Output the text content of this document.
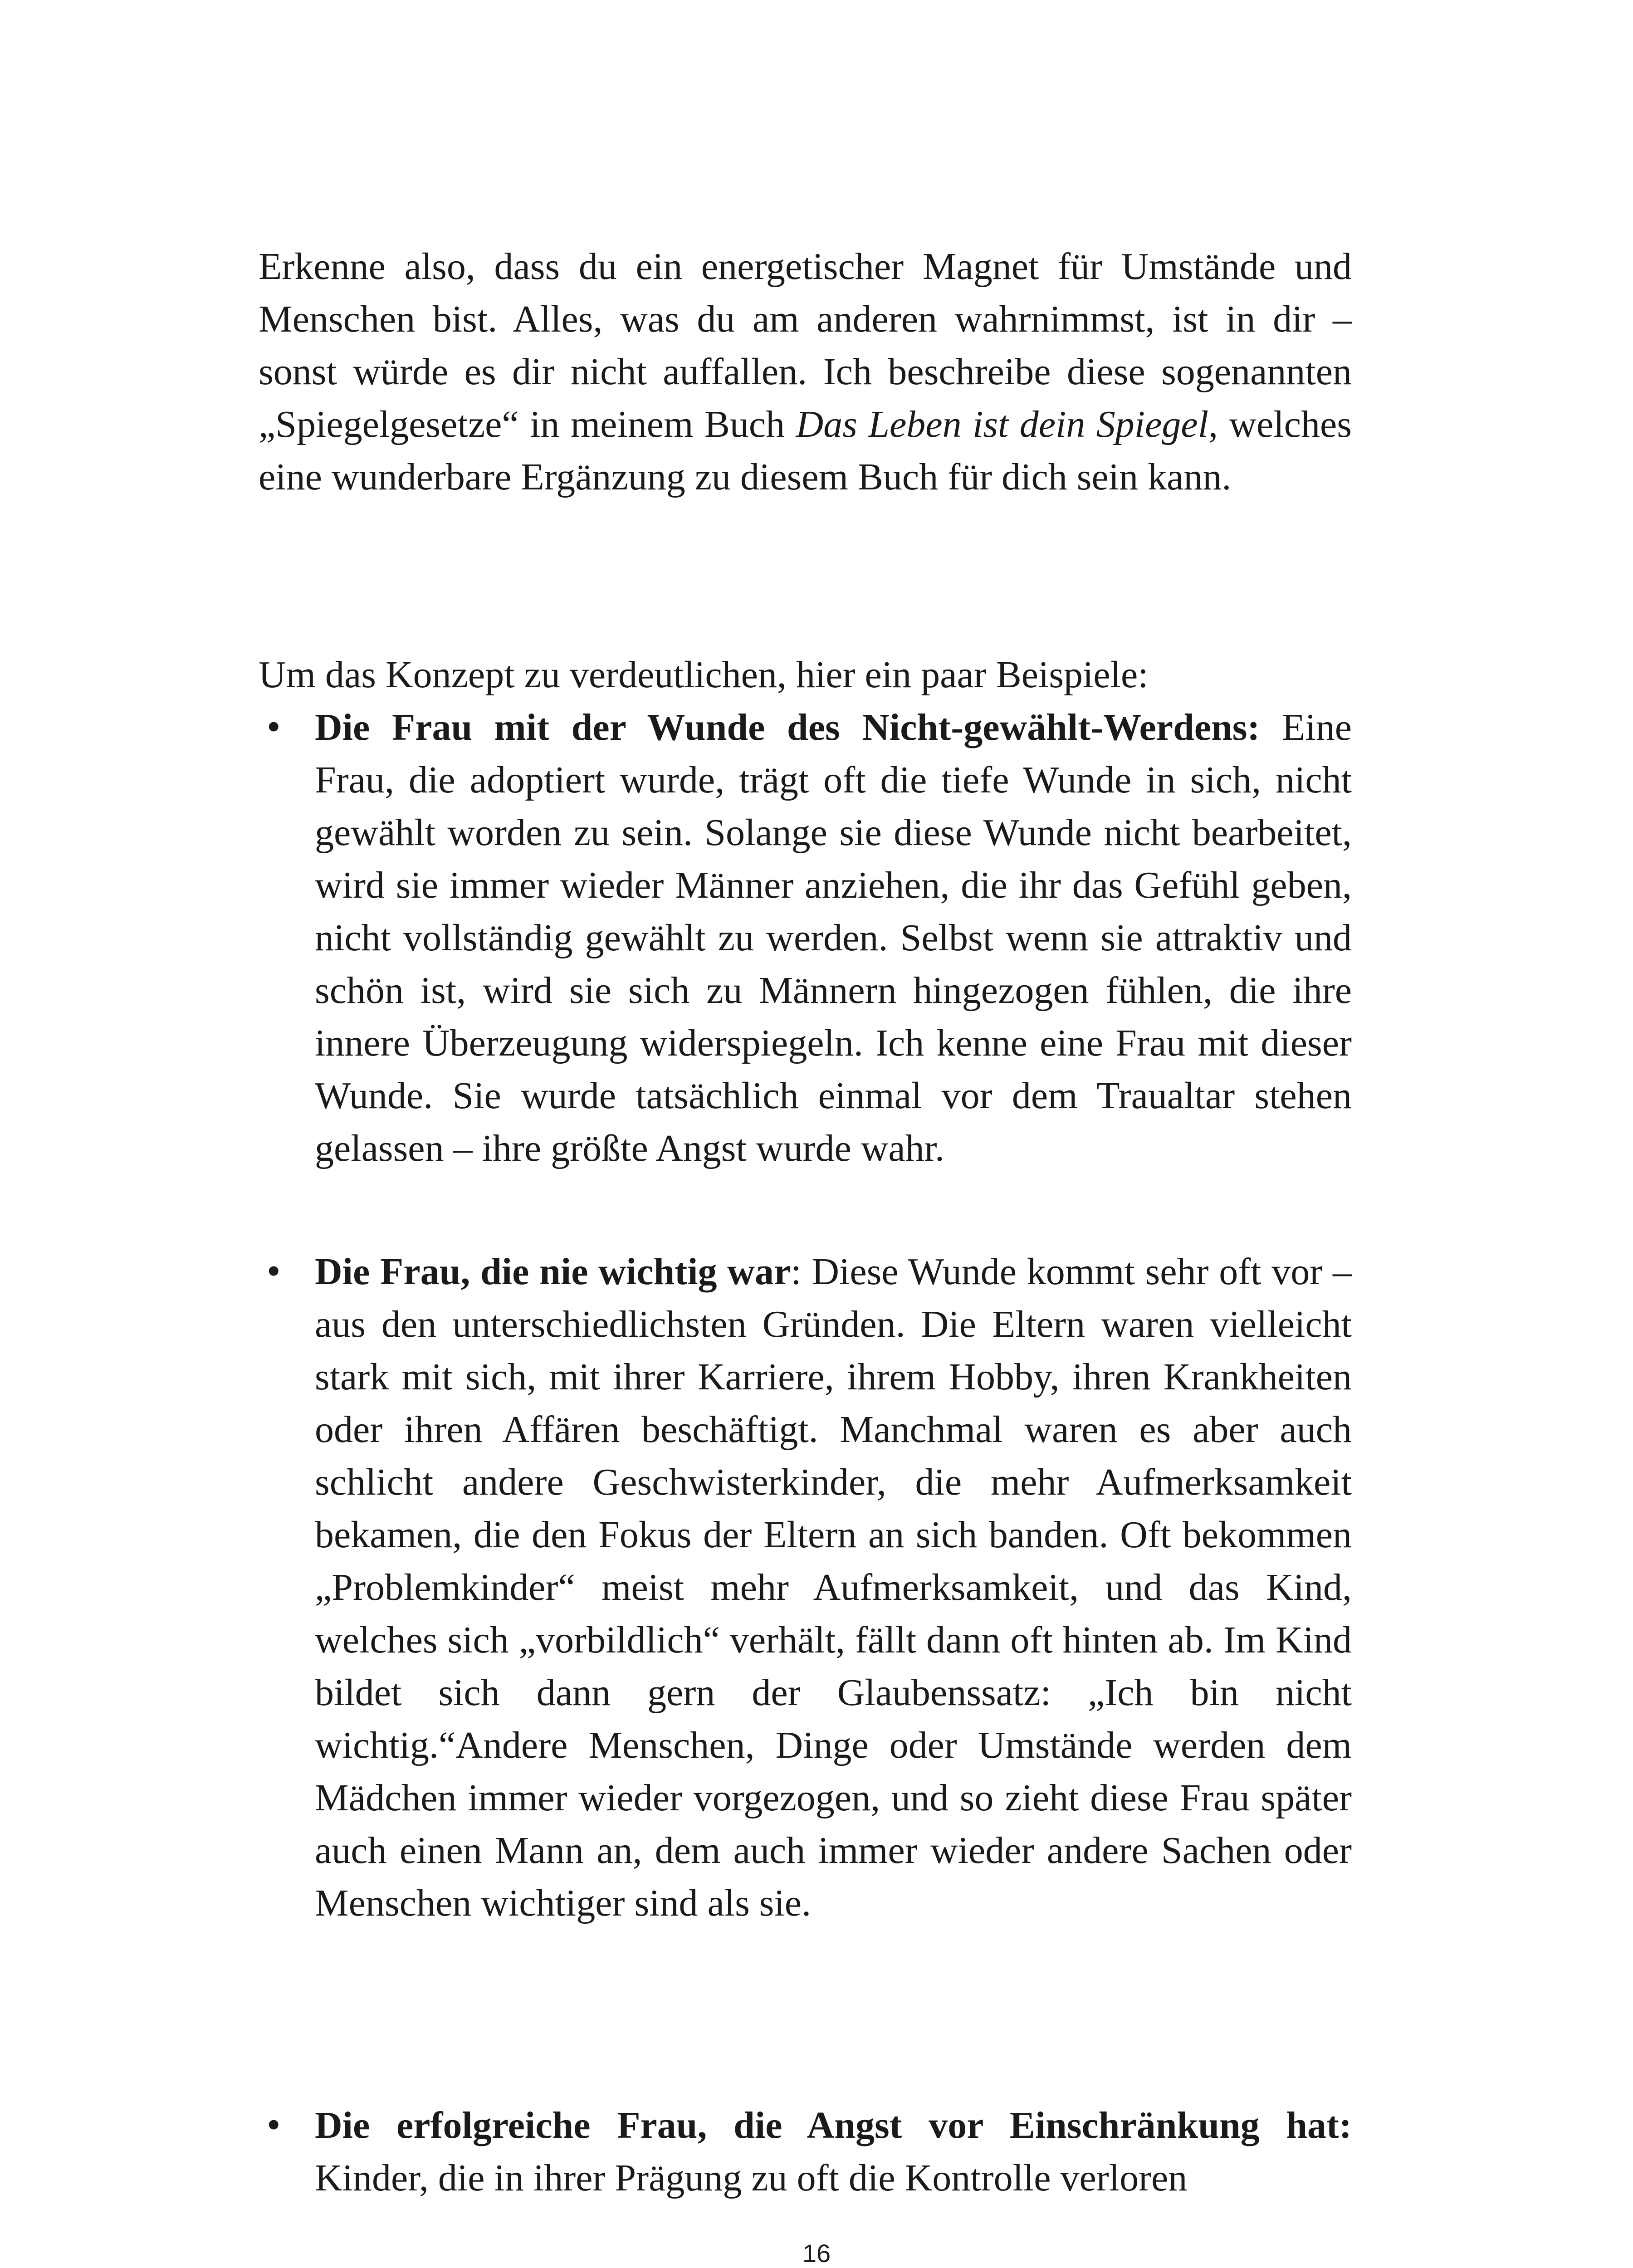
Erkenne also, dass du ein energetischer Magnet für Umstände und Menschen bist. Alles, was du am anderen wahrnimmst, ist in dir – sonst würde es dir nicht auffallen. Ich beschreibe diese sogenannten „Spiegelgesetze“ in meinem Buch Das Leben ist dein Spiegel, welches eine wunderbare Ergänzung zu diesem Buch für dich sein kann.

Um das Konzept zu verdeutlichen, hier ein paar Beispiele:

• Die Frau mit der Wunde des Nicht-gewählt-Werdens: Eine Frau, die adoptiert wurde, trägt oft die tiefe Wunde in sich, nicht gewählt worden zu sein. Solange sie diese Wunde nicht bearbeitet, wird sie immer wieder Männer anziehen, die ihr das Gefühl geben, nicht vollständig gewählt zu werden. Selbst wenn sie attraktiv und schön ist, wird sie sich zu Männern hingezogen fühlen, die ihre innere Überzeugung widerspiegeln. Ich kenne eine Frau mit dieser Wunde. Sie wurde tatsächlich einmal vor dem Traualtar stehen gelassen – ihre größte Angst wurde wahr.
• Die Frau, die nie wichtig war: Diese Wunde kommt sehr oft vor – aus den unterschiedlichsten Gründen. Die Eltern waren vielleicht stark mit sich, mit ihrer Karriere, ihrem Hobby, ihren Krankheiten oder ihren Affären beschäftigt. Manchmal waren es aber auch schlicht andere Geschwisterkinder, die mehr Aufmerksamkeit bekamen, die den Fokus der Eltern an sich banden. Oft bekommen „Problemkinder“ meist mehr Aufmerksamkeit, und das Kind, welches sich „vorbildlich“ verhält, fällt dann oft hinten ab. Im Kind bildet sich dann gern der Glaubenssatz: „Ich bin nicht wichtig.“Andere Menschen, Dinge oder Umstände werden dem Mädchen immer wieder vorgezogen, und so zieht diese Frau später auch einen Mann an, dem auch immer wieder andere Sachen oder Menschen wichtiger sind als sie.
• Die erfolgreiche Frau, die Angst vor Einschränkung hat: Kinder, die in ihrer Prägung zu oft die Kontrolle verloren
16
